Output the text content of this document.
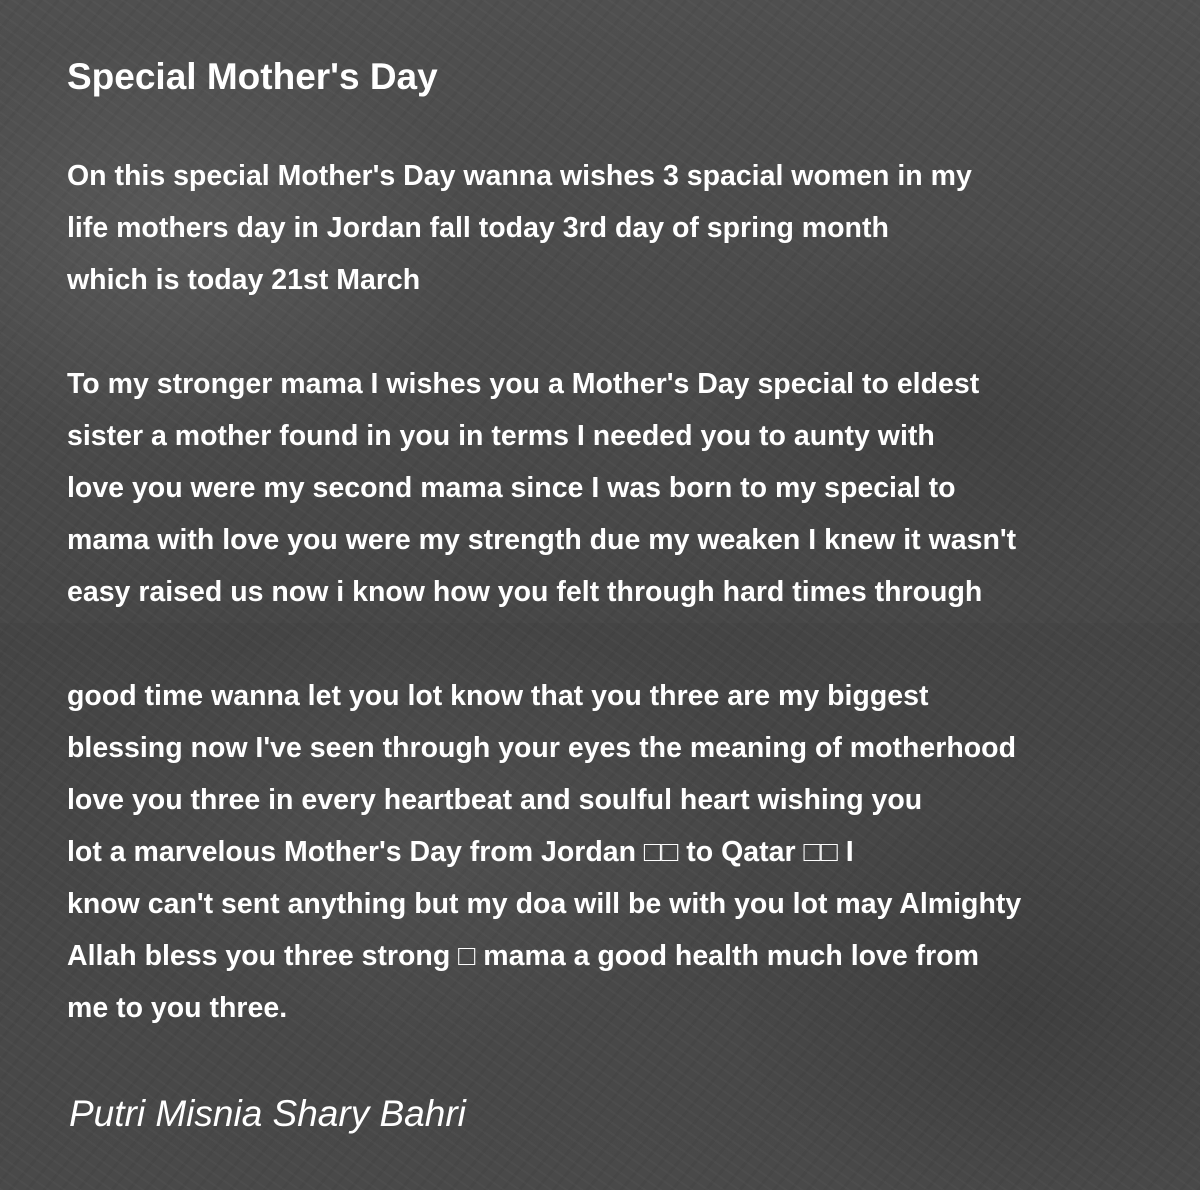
Special Mother's Day
On this special Mother's Day wanna wishes 3 spacial women in my
life mothers day in Jordan fall today 3rd day of spring month
which is today 21st March
To my stronger mama I wishes you a Mother's Day special to eldest
sister a mother found in you in terms I needed you to aunty with
love you were my second mama since I was born to my special to
mama with love you were my strength due my weaken I knew it wasn't
easy raised us now i know how you felt through hard times through
good time wanna let you lot know that you three are my biggest
blessing now I've seen through your eyes the meaning of motherhood
love you three in every heartbeat and soulful heart wishing you
lot a marvelous Mother's Day from Jordan □□ to Qatar □□ I
know can't sent anything but my doa will be with you lot may Almighty
Allah bless you three strong □ mama a good health much love from
me to you three.

Putri Misnia Shary Bahri
